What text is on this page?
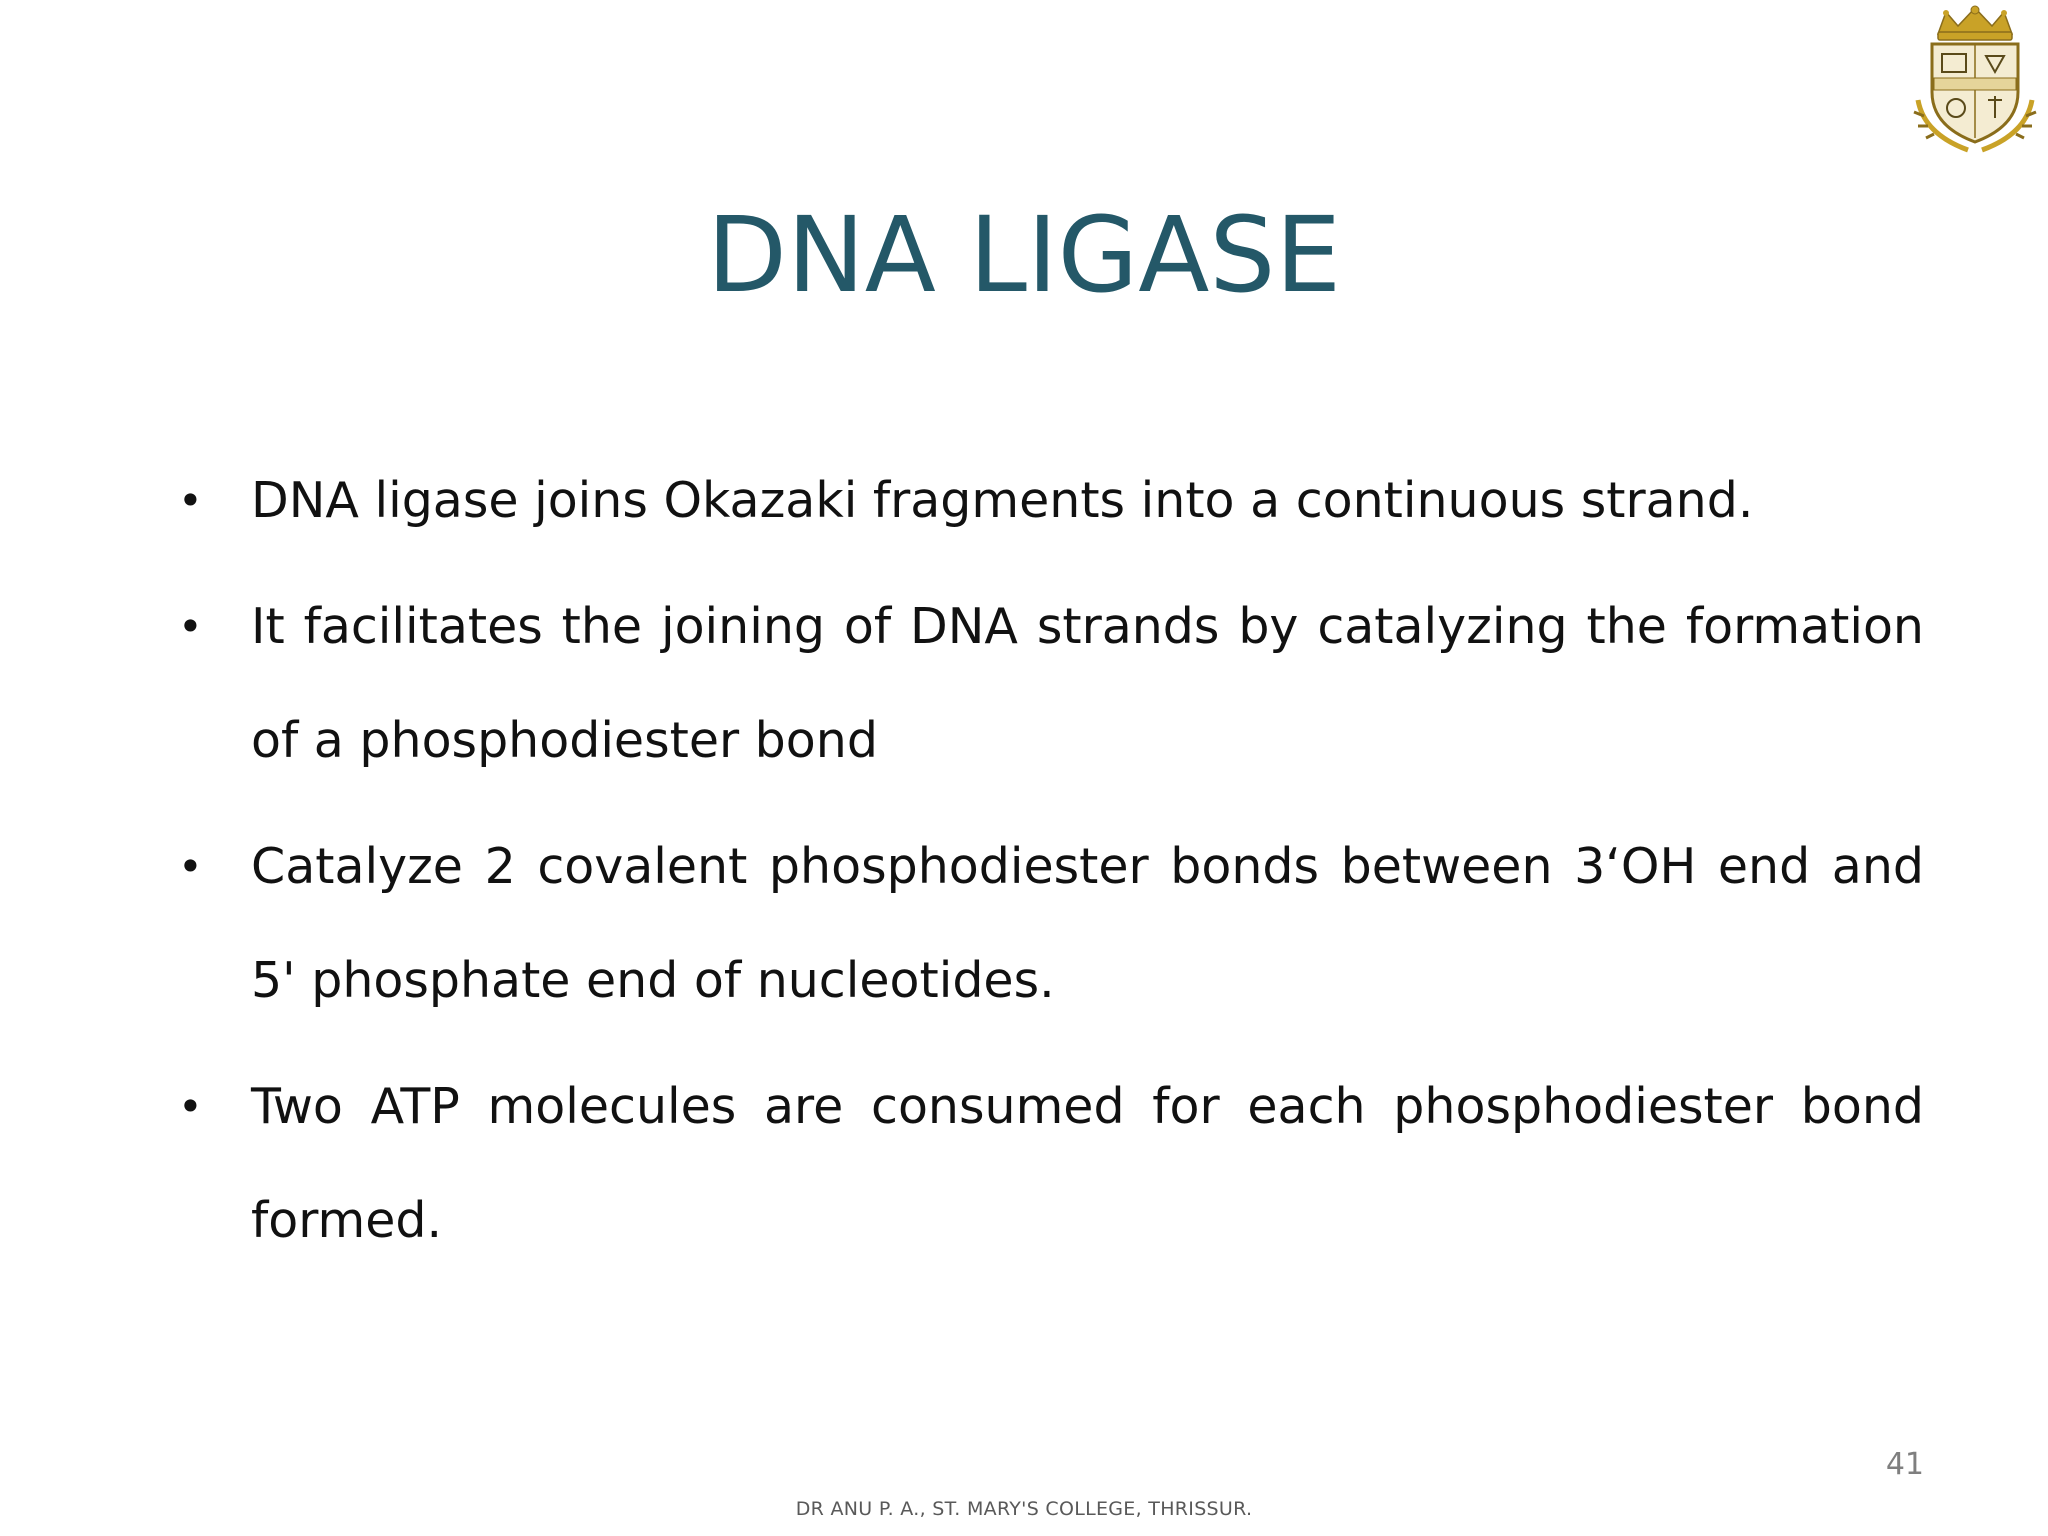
DNA LIGASE
• DNA ligase joins Okazaki fragments into a continuous strand.
• It facilitates the joining of DNA strands by catalyzing the formation of a phosphodiester bond
• Catalyze 2 covalent phosphodiester bonds between 3‘OH end and 5' phosphate end of nucleotides.
• Two ATP molecules are consumed for each phosphodiester bond formed.
41
DR ANU P. A., ST. MARY'S COLLEGE, THRISSUR.
